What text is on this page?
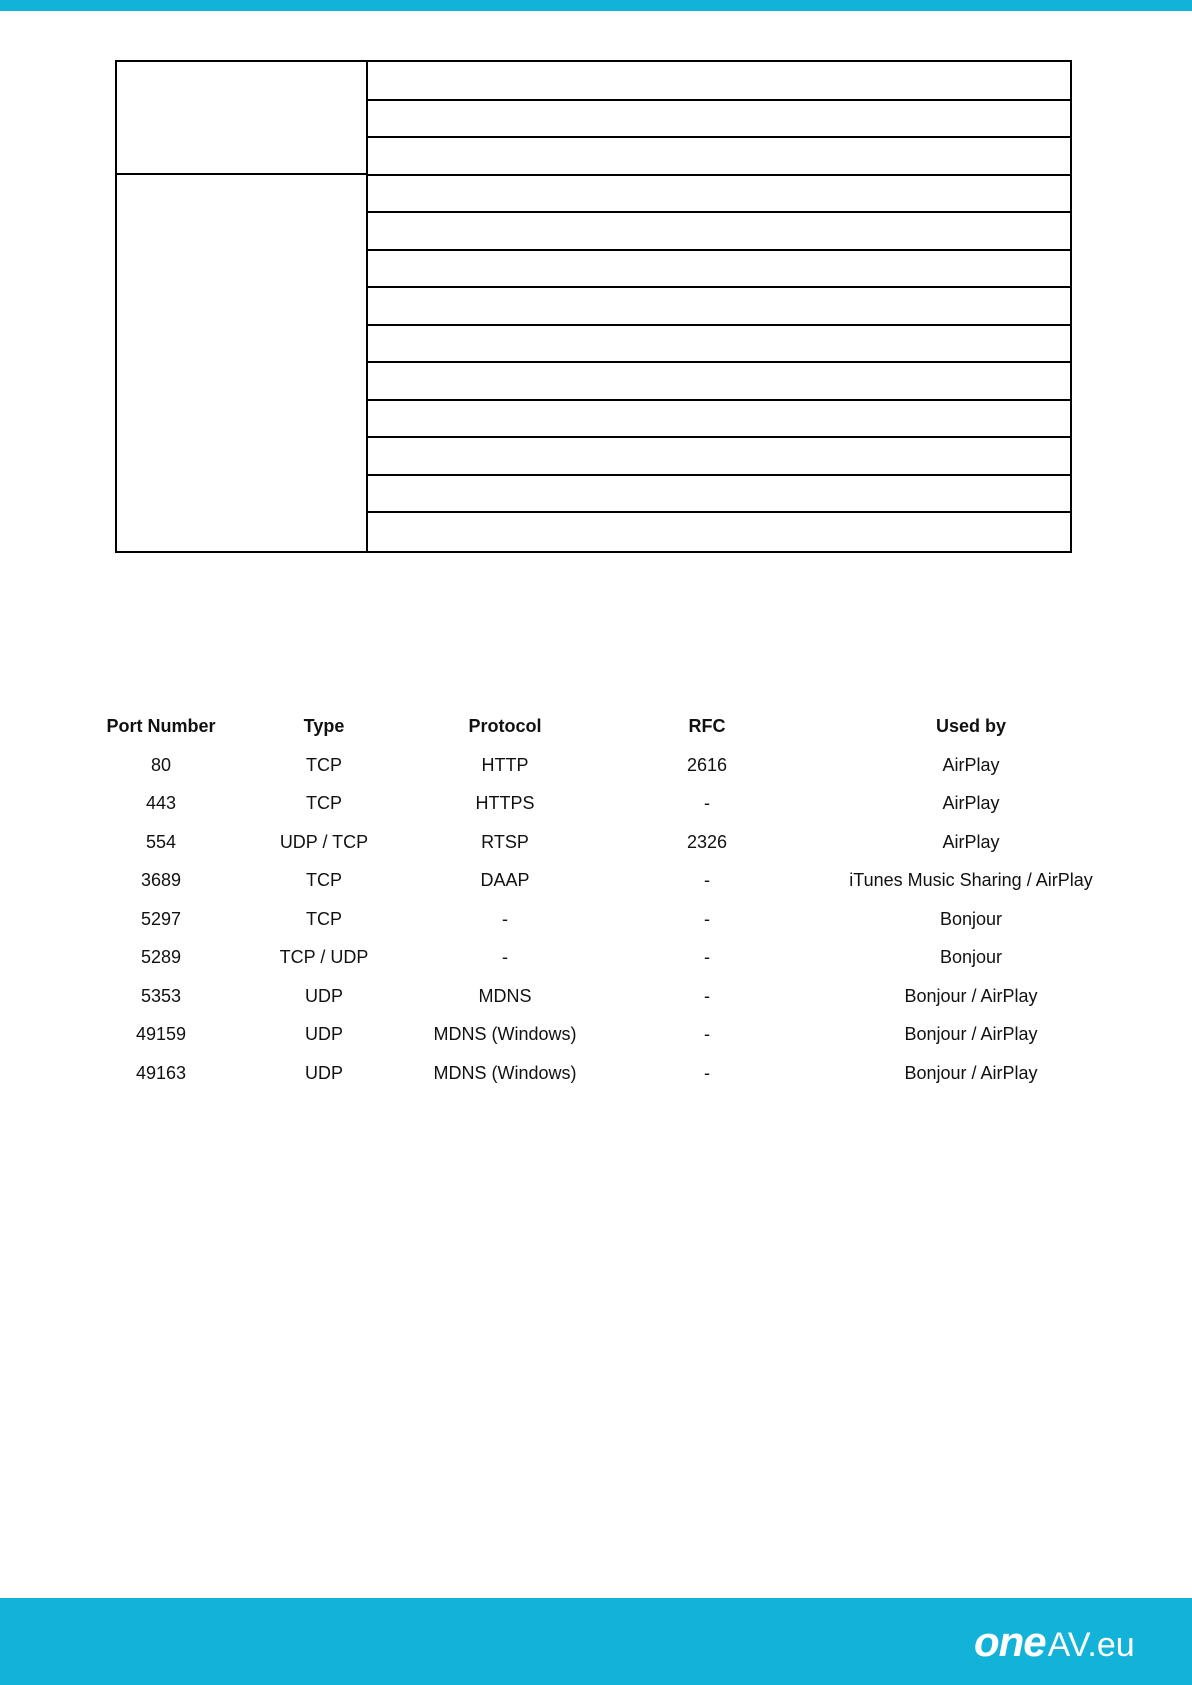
Port Number	Type	Protocol	RFC	Used by
80	TCP	HTTP	2616	AirPlay
443	TCP	HTTPS	-	AirPlay
554	UDP / TCP	RTSP	2326	AirPlay
3689	TCP	DAAP	-	iTunes Music Sharing / AirPlay
5297	TCP	-	-	Bonjour
5289	TCP / UDP	-	-	Bonjour
5353	UDP	MDNS	-	Bonjour / AirPlay
49159	UDP	MDNS (Windows)	-	Bonjour / AirPlay
49163	UDP	MDNS (Windows)	-	Bonjour / AirPlay
one AV.eu
